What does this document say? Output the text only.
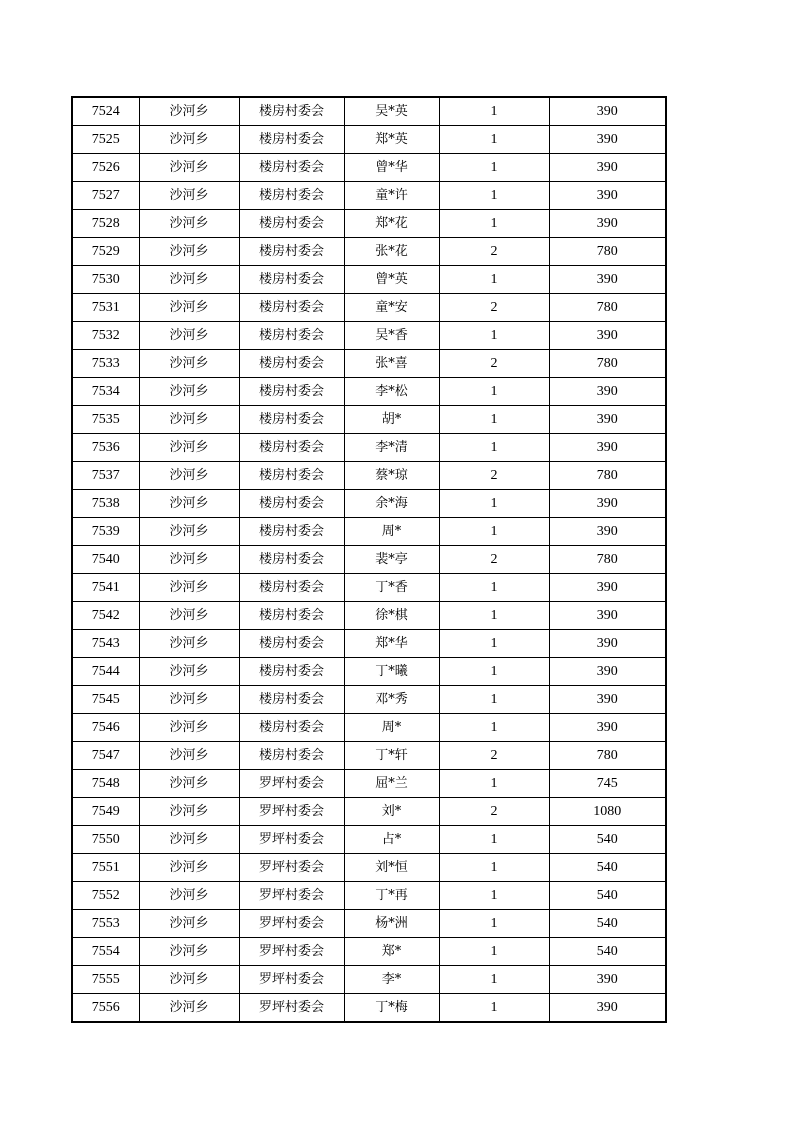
7524	沙河乡	楼房村委会	吴*英	1	390
7525	沙河乡	楼房村委会	郑*英	1	390
7526	沙河乡	楼房村委会	曾*华	1	390
7527	沙河乡	楼房村委会	童*许	1	390
7528	沙河乡	楼房村委会	郑*花	1	390
7529	沙河乡	楼房村委会	张*花	2	780
7530	沙河乡	楼房村委会	曾*英	1	390
7531	沙河乡	楼房村委会	童*安	2	780
7532	沙河乡	楼房村委会	吴*香	1	390
7533	沙河乡	楼房村委会	张*喜	2	780
7534	沙河乡	楼房村委会	李*松	1	390
7535	沙河乡	楼房村委会	胡*	1	390
7536	沙河乡	楼房村委会	李*清	1	390
7537	沙河乡	楼房村委会	蔡*琼	2	780
7538	沙河乡	楼房村委会	余*海	1	390
7539	沙河乡	楼房村委会	周*	1	390
7540	沙河乡	楼房村委会	裴*亭	2	780
7541	沙河乡	楼房村委会	丁*香	1	390
7542	沙河乡	楼房村委会	徐*棋	1	390
7543	沙河乡	楼房村委会	郑*华	1	390
7544	沙河乡	楼房村委会	丁*曦	1	390
7545	沙河乡	楼房村委会	邓*秀	1	390
7546	沙河乡	楼房村委会	周*	1	390
7547	沙河乡	楼房村委会	丁*轩	2	780
7548	沙河乡	罗坪村委会	屈*兰	1	745
7549	沙河乡	罗坪村委会	刘*	2	1080
7550	沙河乡	罗坪村委会	占*	1	540
7551	沙河乡	罗坪村委会	刘*恒	1	540
7552	沙河乡	罗坪村委会	丁*再	1	540
7553	沙河乡	罗坪村委会	杨*洲	1	540
7554	沙河乡	罗坪村委会	郑*	1	540
7555	沙河乡	罗坪村委会	李*	1	390
7556	沙河乡	罗坪村委会	丁*梅	1	390
